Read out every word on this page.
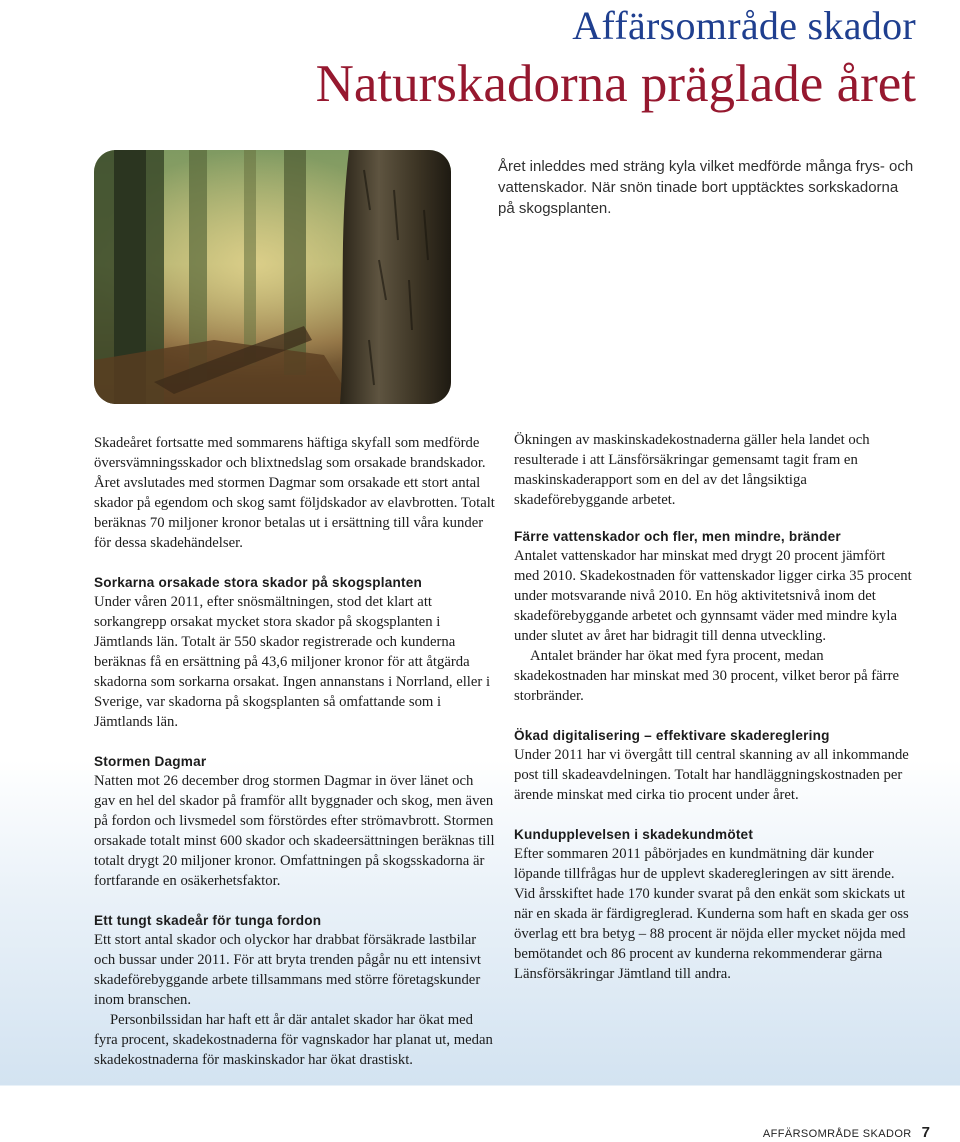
Affärsområde skador
Naturskadorna präglade året

Året inleddes med sträng kyla vilket medförde många frys- och vattenskador. När snön tinade bort upptäcktes sorkskadorna på skogsplanten.

Skadeåret fortsatte med sommarens häftiga skyfall som medförde översvämningsskador och blixtnedslag som orsakade brandskador. Året avslutades med stormen Dagmar som orsakade ett stort antal skador på egendom och skog samt följdskador av elavbrotten. Totalt beräknas 70 miljoner kronor betalas ut i ersättning till våra kunder för dessa skadehändelser.

Sorkarna orsakade stora skador på skogsplanten

Under våren 2011, efter snösmältningen, stod det klart att sorkangrepp orsakat mycket stora skador på skogsplanten i Jämtlands län. Totalt är 550 skador registrerade och kunderna beräknas få en ersättning på 43,6 miljoner kronor för att åtgärda skadorna som sorkarna orsakat. Ingen annanstans i Norrland, eller i Sverige, var skadorna på skogsplanten så omfattande som i Jämtlands län.

Stormen Dagmar

Natten mot 26 december drog stormen Dagmar in över länet och gav en hel del skador på framför allt byggnader och skog, men även på fordon och livsmedel som förstördes efter strömavbrott. Stormen orsakade totalt minst 600 skador och skadeersättningen beräknas till totalt drygt 20 miljoner kronor. Omfattningen på skogsskadorna är fortfarande en osäkerhetsfaktor.

Ett tungt skadeår för tunga fordon

Ett stort antal skador och olyckor har drabbat försäkrade lastbilar och bussar under 2011. För att bryta trenden pågår nu ett intensivt skadeförebyggande arbete tillsammans med större företagskunder inom branschen.

Personbilssidan har haft ett år där antalet skador har ökat med fyra procent, skadekostnaderna för vagnskador har planat ut, medan skadekostnaderna för maskinskador har ökat drastiskt.

Ökningen av maskinskadekostnaderna gäller hela landet och resulterade i att Länsförsäkringar gemensamt tagit fram en maskinskaderapport som en del av det långsiktiga skadeförebyggande arbetet.

Färre vattenskador och fler, men mindre, bränder

Antalet vattenskador har minskat med drygt 20 procent jämfört med 2010. Skadekostnaden för vattenskador ligger cirka 35 procent under motsvarande nivå 2010. En hög aktivitetsnivå inom det skadeförebyggande arbetet och gynnsamt väder med mindre kyla under slutet av året har bidragit till denna utveckling.

Antalet bränder har ökat med fyra procent, medan skadekostnaden har minskat med 30 procent, vilket beror på färre storbränder.

Ökad digitalisering – effektivare skadereglering

Under 2011 har vi övergått till central skanning av all inkommande post till skadeavdelningen. Totalt har handläggningskostnaden per ärende minskat med cirka tio procent under året.

Kundupplevelsen i skadekundmötet

Efter sommaren 2011 påbörjades en kundmätning där kunder löpande tillfrågas hur de upplevt skaderegleringen av sitt ärende. Vid årsskiftet hade 170 kunder svarat på den enkät som skickats ut när en skada är färdigreglerad. Kunderna som haft en skada ger oss överlag ett bra betyg – 88 procent är nöjda eller mycket nöjda med bemötandet och 86 procent av kunderna rekommenderar gärna Länsförsäkringar Jämtland till andra.

AFFÄRSOMRÅDE SKADOR 7
